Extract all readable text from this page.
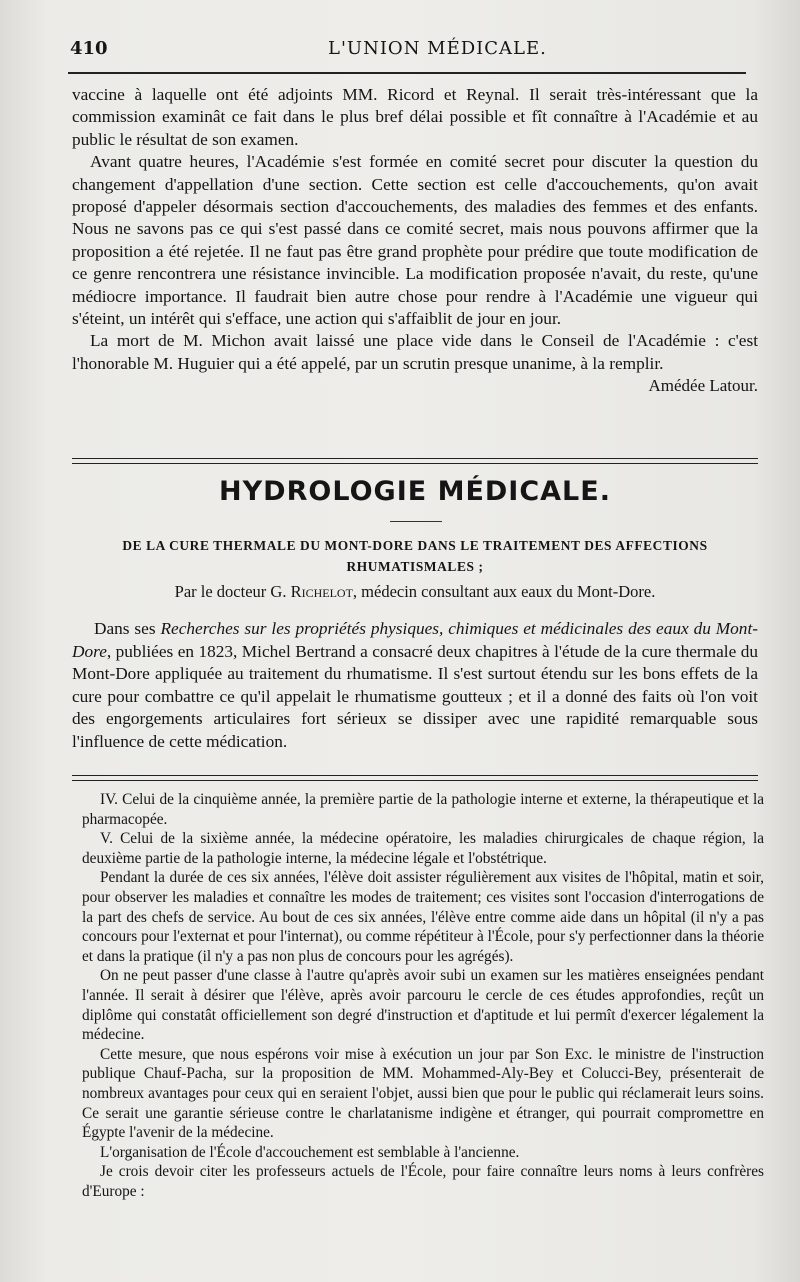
410	L'UNION MÉDICALE.

vaccine à laquelle ont été adjoints MM. Ricord et Reynal. Il serait très-intéressant que la commission examinât ce fait dans le plus bref délai possible et fît connaître à l'Académie et au public le résultat de son examen.

Avant quatre heures, l'Académie s'est formée en comité secret pour discuter la question du changement d'appellation d'une section. Cette section est celle d'accouchements, qu'on avait proposé d'appeler désormais section d'accouchements, des maladies des femmes et des enfants. Nous ne savons pas ce qui s'est passé dans ce comité secret, mais nous pouvons affirmer que la proposition a été rejetée. Il ne faut pas être grand prophète pour prédire que toute modification de ce genre rencontrera une résistance invincible. La modification proposée n'avait, du reste, qu'une médiocre importance. Il faudrait bien autre chose pour rendre à l'Académie une vigueur qui s'éteint, un intérêt qui s'efface, une action qui s'affaiblit de jour en jour.

La mort de M. Michon avait laissé une place vide dans le Conseil de l'Académie : c'est l'honorable M. Huguier qui a été appelé, par un scrutin presque unanime, à la remplir.

Amédée Latour.

HYDROLOGIE MÉDICALE.
DE LA CURE THERMALE DU MONT-DORE DANS LE TRAITEMENT DES AFFECTIONS RHUMATISMALES ;
Par le docteur G. Richelot, médecin consultant aux eaux du Mont-Dore.

Dans ses Recherches sur les propriétés physiques, chimiques et médicinales des eaux du Mont-Dore, publiées en 1823, Michel Bertrand a consacré deux chapitres à l'étude de la cure thermale du Mont-Dore appliquée au traitement du rhumatisme. Il s'est surtout étendu sur les bons effets de la cure pour combattre ce qu'il appelait le rhumatisme goutteux ; et il a donné des faits où l'on voit des engorgements articulaires fort sérieux se dissiper avec une rapidité remarquable sous l'influence de cette médication.

IV. Celui de la cinquième année, la première partie de la pathologie interne et externe, la thérapeutique et la pharmacopée.

V. Celui de la sixième année, la médecine opératoire, les maladies chirurgicales de chaque région, la deuxième partie de la pathologie interne, la médecine légale et l'obstétrique.

Pendant la durée de ces six années, l'élève doit assister régulièrement aux visites de l'hôpital, matin et soir, pour observer les maladies et connaître les modes de traitement; ces visites sont l'occasion d'interrogations de la part des chefs de service. Au bout de ces six années, l'élève entre comme aide dans un hôpital (il n'y a pas concours pour l'externat et pour l'internat), ou comme répétiteur à l'École, pour s'y perfectionner dans la théorie et dans la pratique (il n'y a pas non plus de concours pour les agrégés).

On ne peut passer d'une classe à l'autre qu'après avoir subi un examen sur les matières enseignées pendant l'année. Il serait à désirer que l'élève, après avoir parcouru le cercle de ces études approfondies, reçût un diplôme qui constatât officiellement son degré d'instruction et d'aptitude et lui permît d'exercer légalement la médecine.

Cette mesure, que nous espérons voir mise à exécution un jour par Son Exc. le ministre de l'instruction publique Chauf-Pacha, sur la proposition de MM. Mohammed-Aly-Bey et Colucci-Bey, présenterait de nombreux avantages pour ceux qui en seraient l'objet, aussi bien que pour le public qui réclamerait leurs soins. Ce serait une garantie sérieuse contre le charlatanisme indigène et étranger, qui pourrait compromettre en Égypte l'avenir de la médecine.

L'organisation de l'École d'accouchement est semblable à l'ancienne.

Je crois devoir citer les professeurs actuels de l'École, pour faire connaître leurs noms à leurs confrères d'Europe :
